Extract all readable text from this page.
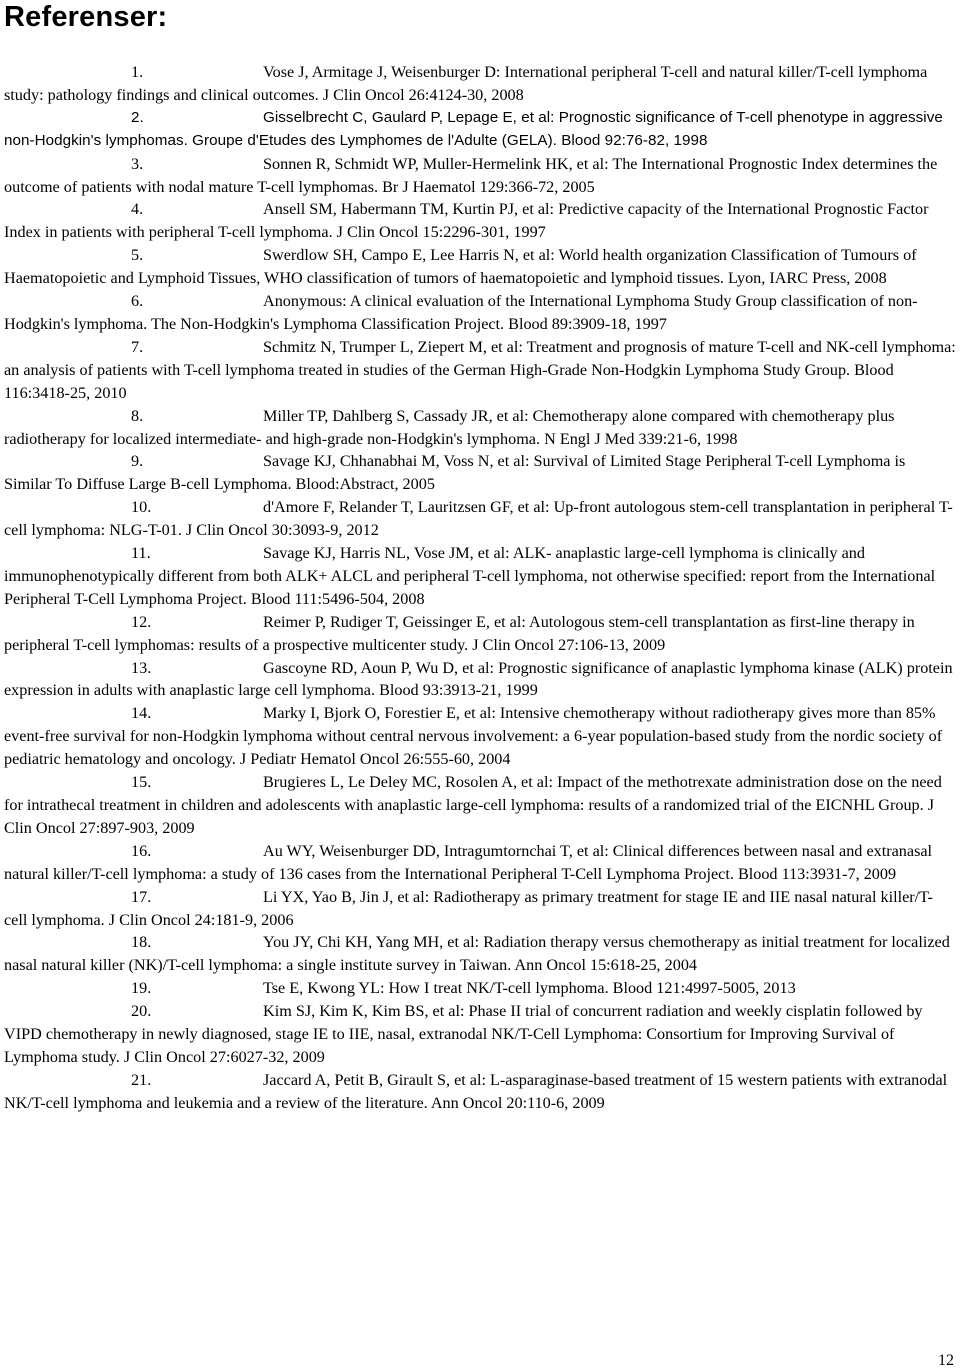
Referenser:
1.	Vose J, Armitage J, Weisenburger D: International peripheral T-cell and natural killer/T-cell lymphoma study: pathology findings and clinical outcomes. J Clin Oncol 26:4124-30, 2008
2.	Gisselbrecht C, Gaulard P, Lepage E, et al: Prognostic significance of T-cell phenotype in aggressive non-Hodgkin's lymphomas. Groupe d'Etudes des Lymphomes de l'Adulte (GELA). Blood 92:76-82, 1998
3.	Sonnen R, Schmidt WP, Muller-Hermelink HK, et al: The International Prognostic Index determines the outcome of patients with nodal mature T-cell lymphomas. Br J Haematol 129:366-72, 2005
4.	Ansell SM, Habermann TM, Kurtin PJ, et al: Predictive capacity of the International Prognostic Factor Index in patients with peripheral T-cell lymphoma. J Clin Oncol 15:2296-301, 1997
5.	Swerdlow SH, Campo E, Lee Harris N, et al: World health organization Classification of Tumours of Haematopoietic and Lymphoid Tissues, WHO classification of tumors of haematopoietic and lymphoid tissues. Lyon, IARC Press, 2008
6.	Anonymous: A clinical evaluation of the International Lymphoma Study Group classification of non-Hodgkin's lymphoma. The Non-Hodgkin's Lymphoma Classification Project. Blood 89:3909-18, 1997
7.	Schmitz N, Trumper L, Ziepert M, et al: Treatment and prognosis of mature T-cell and NK-cell lymphoma: an analysis of patients with T-cell lymphoma treated in studies of the German High-Grade Non-Hodgkin Lymphoma Study Group. Blood 116:3418-25, 2010
8.	Miller TP, Dahlberg S, Cassady JR, et al: Chemotherapy alone compared with chemotherapy plus radiotherapy for localized intermediate- and high-grade non-Hodgkin's lymphoma. N Engl J Med 339:21-6, 1998
9.	Savage KJ, Chhanabhai M, Voss N, et al: Survival of Limited Stage Peripheral T-cell Lymphoma is Similar To Diffuse Large B-cell Lymphoma. Blood:Abstract, 2005
10.	d'Amore F, Relander T, Lauritzsen GF, et al: Up-front autologous stem-cell transplantation in peripheral T-cell lymphoma: NLG-T-01. J Clin Oncol 30:3093-9, 2012
11.	Savage KJ, Harris NL, Vose JM, et al: ALK- anaplastic large-cell lymphoma is clinically and immunophenotypically different from both ALK+ ALCL and peripheral T-cell lymphoma, not otherwise specified: report from the International Peripheral T-Cell Lymphoma Project. Blood 111:5496-504, 2008
12.	Reimer P, Rudiger T, Geissinger E, et al: Autologous stem-cell transplantation as first-line therapy in peripheral T-cell lymphomas: results of a prospective multicenter study. J Clin Oncol 27:106-13, 2009
13.	Gascoyne RD, Aoun P, Wu D, et al: Prognostic significance of anaplastic lymphoma kinase (ALK) protein expression in adults with anaplastic large cell lymphoma. Blood 93:3913-21, 1999
14.	Marky I, Bjork O, Forestier E, et al: Intensive chemotherapy without radiotherapy gives more than 85% event-free survival for non-Hodgkin lymphoma without central nervous involvement: a 6-year population-based study from the nordic society of pediatric hematology and oncology. J Pediatr Hematol Oncol 26:555-60, 2004
15.	Brugieres L, Le Deley MC, Rosolen A, et al: Impact of the methotrexate administration dose on the need for intrathecal treatment in children and adolescents with anaplastic large-cell lymphoma: results of a randomized trial of the EICNHL Group. J Clin Oncol 27:897-903, 2009
16.	Au WY, Weisenburger DD, Intragumtornchai T, et al: Clinical differences between nasal and extranasal natural killer/T-cell lymphoma: a study of 136 cases from the International Peripheral T-Cell Lymphoma Project. Blood 113:3931-7, 2009
17.	Li YX, Yao B, Jin J, et al: Radiotherapy as primary treatment for stage IE and IIE nasal natural killer/T-cell lymphoma. J Clin Oncol 24:181-9, 2006
18.	You JY, Chi KH, Yang MH, et al: Radiation therapy versus chemotherapy as initial treatment for localized nasal natural killer (NK)/T-cell lymphoma: a single institute survey in Taiwan. Ann Oncol 15:618-25, 2004
19.	Tse E, Kwong YL: How I treat NK/T-cell lymphoma. Blood 121:4997-5005, 2013
20.	Kim SJ, Kim K, Kim BS, et al: Phase II trial of concurrent radiation and weekly cisplatin followed by VIPD chemotherapy in newly diagnosed, stage IE to IIE, nasal, extranodal NK/T-Cell Lymphoma: Consortium for Improving Survival of Lymphoma study. J Clin Oncol 27:6027-32, 2009
21.	Jaccard A, Petit B, Girault S, et al: L-asparaginase-based treatment of 15 western patients with extranodal NK/T-cell lymphoma and leukemia and a review of the literature. Ann Oncol 20:110-6, 2009
12
